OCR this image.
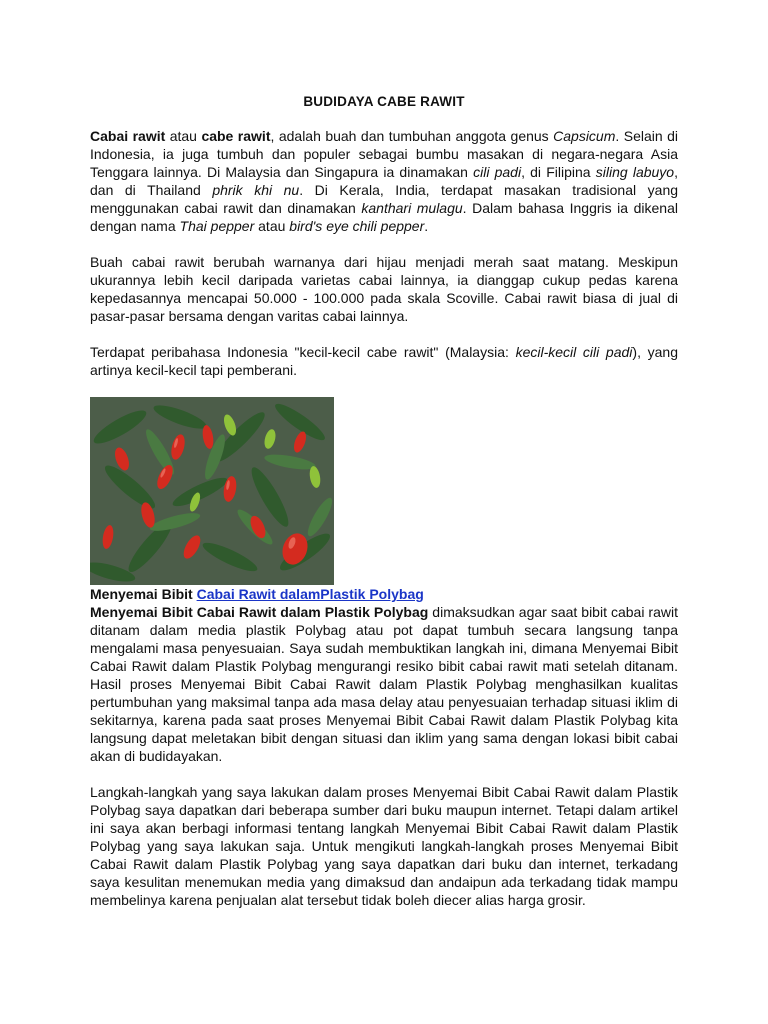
BUDIDAYA CABE RAWIT

Cabai rawit atau cabe rawit, adalah buah dan tumbuhan anggota genus Capsicum. Selain di Indonesia, ia juga tumbuh dan populer sebagai bumbu masakan di negara-negara Asia Tenggara lainnya. Di Malaysia dan Singapura ia dinamakan cili padi, di Filipina siling labuyo, dan di Thailand phrik khi nu. Di Kerala, India, terdapat masakan tradisional yang menggunakan cabai rawit dan dinamakan kanthari mulagu. Dalam bahasa Inggris ia dikenal dengan nama Thai pepper atau bird's eye chili pepper.

Buah cabai rawit berubah warnanya dari hijau menjadi merah saat matang. Meskipun ukurannya lebih kecil daripada varietas cabai lainnya, ia dianggap cukup pedas karena kepedasannya mencapai 50.000 - 100.000 pada skala Scoville. Cabai rawit biasa di jual di pasar-pasar bersama dengan varitas cabai lainnya.

Terdapat peribahasa Indonesia "kecil-kecil cabe rawit" (Malaysia: kecil-kecil cili padi), yang artinya kecil-kecil tapi pemberani.

Menyemai Bibit Cabai Rawit dalamPlastik Polybag

Menyemai Bibit Cabai Rawit dalam Plastik Polybag dimaksudkan agar saat bibit cabai rawit ditanam dalam media plastik Polybag atau pot dapat tumbuh secara langsung tanpa mengalami masa penyesuaian. Saya sudah membuktikan langkah ini, dimana Menyemai Bibit Cabai Rawit dalam Plastik Polybag mengurangi resiko bibit cabai rawit mati setelah ditanam. Hasil proses Menyemai Bibit Cabai Rawit dalam Plastik Polybag menghasilkan kualitas pertumbuhan yang maksimal tanpa ada masa delay atau penyesuaian terhadap situasi iklim di sekitarnya, karena pada saat proses Menyemai Bibit Cabai Rawit dalam Plastik Polybag kita langsung dapat meletakan bibit dengan situasi dan iklim yang sama dengan lokasi bibit cabai akan di budidayakan.

Langkah-langkah yang saya lakukan dalam proses Menyemai Bibit Cabai Rawit dalam Plastik Polybag saya dapatkan dari beberapa sumber dari buku maupun internet. Tetapi dalam artikel ini saya akan berbagi informasi tentang langkah Menyemai Bibit Cabai Rawit dalam Plastik Polybag yang saya lakukan saja. Untuk mengikuti langkah-langkah proses Menyemai Bibit Cabai Rawit dalam Plastik Polybag yang saya dapatkan dari buku dan internet, terkadang saya kesulitan menemukan media yang dimaksud dan andaipun ada terkadang tidak mampu membelinya karena penjualan alat tersebut tidak boleh diecer alias harga grosir.
